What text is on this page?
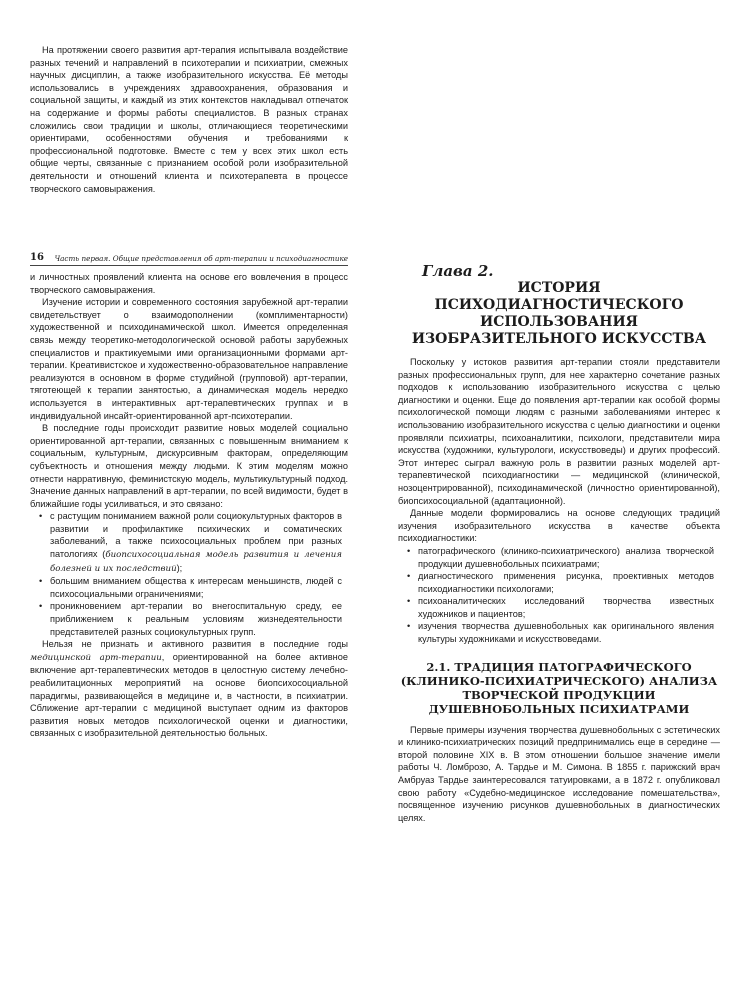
На протяжении своего развития арт-терапия испытывала воздействие разных течений и направлений в психотерапии и психиатрии, смежных научных дисциплин, а также изобразительного искусства. Её методы использовались в учреждениях здравоохранения, образования и социальной защиты, и каждый из этих контекстов накладывал отпечаток на содержание и формы работы специалистов. В разных странах сложились свои традиции и школы, отличающиеся теоретическими ориентирами, особенностями обучения и требованиями к профессиональной подготовке. Вместе с тем у всех этих школ есть общие черты, связанные с признанием особой роли изобразительной деятельности и отношений клиента и психотерапевта в процессе творческого самовыражения.

16	Часть первая. Общие представления об арт-терапии и психодиагностике

и личностных проявлений клиента на основе его вовлечения в процесс творческого самовыражения.

Изучение истории и современного состояния зарубежной арт-терапии свидетельствует о взаимодополнении (комплиментарности) художественной и психодинамической школ. Имеется определенная связь между теоретико-методологической основой работы зарубежных специалистов и практикуемыми ими организационными формами арт-терапии. Креативистское и художественно-образовательное направление реализуются в основном в форме студийной (групповой) арт-терапии, тяготеющей к терапии занятостью, а динамическая модель нередко используется в интерактивных арт-терапевтических группах и в индивидуальной инсайт-ориентированной арт-психотерапии.

В последние годы происходит развитие новых моделей социально ориентированной арт-терапии, связанных с повышенным вниманием к социальным, культурным, дискурсивным факторам, определяющим субъектность и отношения между людьми. К этим моделям можно отнести нарративную, феминистскую модель, мультикультурный подход. Значение данных направлений в арт-терапии, по всей видимости, будет в ближайшие годы усиливаться, и это связано:

• с растущим пониманием важной роли социокультурных факторов в развитии и профилактике психических и соматических заболеваний, а также психосоциальных проблем при разных патологиях (биопсихосоциальная модель развития и лечения болезней и их последствий);
• большим вниманием общества к интересам меньшинств, людей с психосоциальными ограничениями;
• проникновением арт-терапии во внегоспитальную среду, ее приближением к реальным условиям жизнедеятельности представителей разных социокультурных групп.

Нельзя не признать и активного развития в последние годы медицинской арт-терапии, ориентированной на более активное включение арт-терапевтических методов в целостную систему лечебно-реабилитационных мероприятий на основе биопсихосоциальной парадигмы, развивающейся в медицине и, в частности, в психиатрии. Сближение арт-терапии с медициной выступает одним из факторов развития новых методов психологической оценки и диагностики, связанных с изобразительной деятельностью больных.

Глава 2.
ИСТОРИЯ ПСИХОДИАГНОСТИЧЕСКОГО ИСПОЛЬЗОВАНИЯ ИЗОБРАЗИТЕЛЬНОГО ИСКУССТВА

Поскольку у истоков развития арт-терапии стояли представители разных профессиональных групп, для нее характерно сочетание разных подходов к использованию изобразительного искусства с целью диагностики и оценки. Еще до появления арт-терапии как особой формы психологической помощи людям с разными заболеваниями интерес к использованию изобразительного искусства с целью диагностики и оценки проявляли психиатры, психоаналитики, психологи, представители мира искусства (художники, культурологи, искусствоведы) и других профессий. Этот интерес сыграл важную роль в развитии разных моделей арт-терапевтической психодиагностики — медицинской (клинической, нозоцентрированной), психодинамической (личностно ориентированной), биопсихосоциальной (адаптационной).

Данные модели формировались на основе следующих традиций изучения изобразительного искусства в качестве объекта психодиагностики:

• патографического (клинико-психиатрического) анализа творческой продукции душевнобольных психиатрами;
• диагностического применения рисунка, проективных методов психодиагностики психологами;
• психоаналитических исследований творчества известных художников и пациентов;
• изучения творчества душевнобольных как оригинального явления культуры художниками и искусствоведами.
2.1. ТРАДИЦИЯ ПАТОГРАФИЧЕСКОГО (КЛИНИКО-ПСИХИАТРИЧЕСКОГО) АНАЛИЗА ТВОРЧЕСКОЙ ПРОДУКЦИИ ДУШЕВНОБОЛЬНЫХ ПСИХИАТРАМИ

Первые примеры изучения творчества душевнобольных с эстетических и клинико-психиатрических позиций предпринимались еще в середине — второй половине XIX в. В этом отношении большое значение имели работы Ч. Ломброзо, А. Тардье и М. Симона. В 1855 г. парижский врач Амбруаз Тардье заинтересовался татуировками, а в 1872 г. опубликовал свою работу «Судебно-медицинское исследование помешательства», посвященное изучению рисунков душевнобольных в диагностических целях.
